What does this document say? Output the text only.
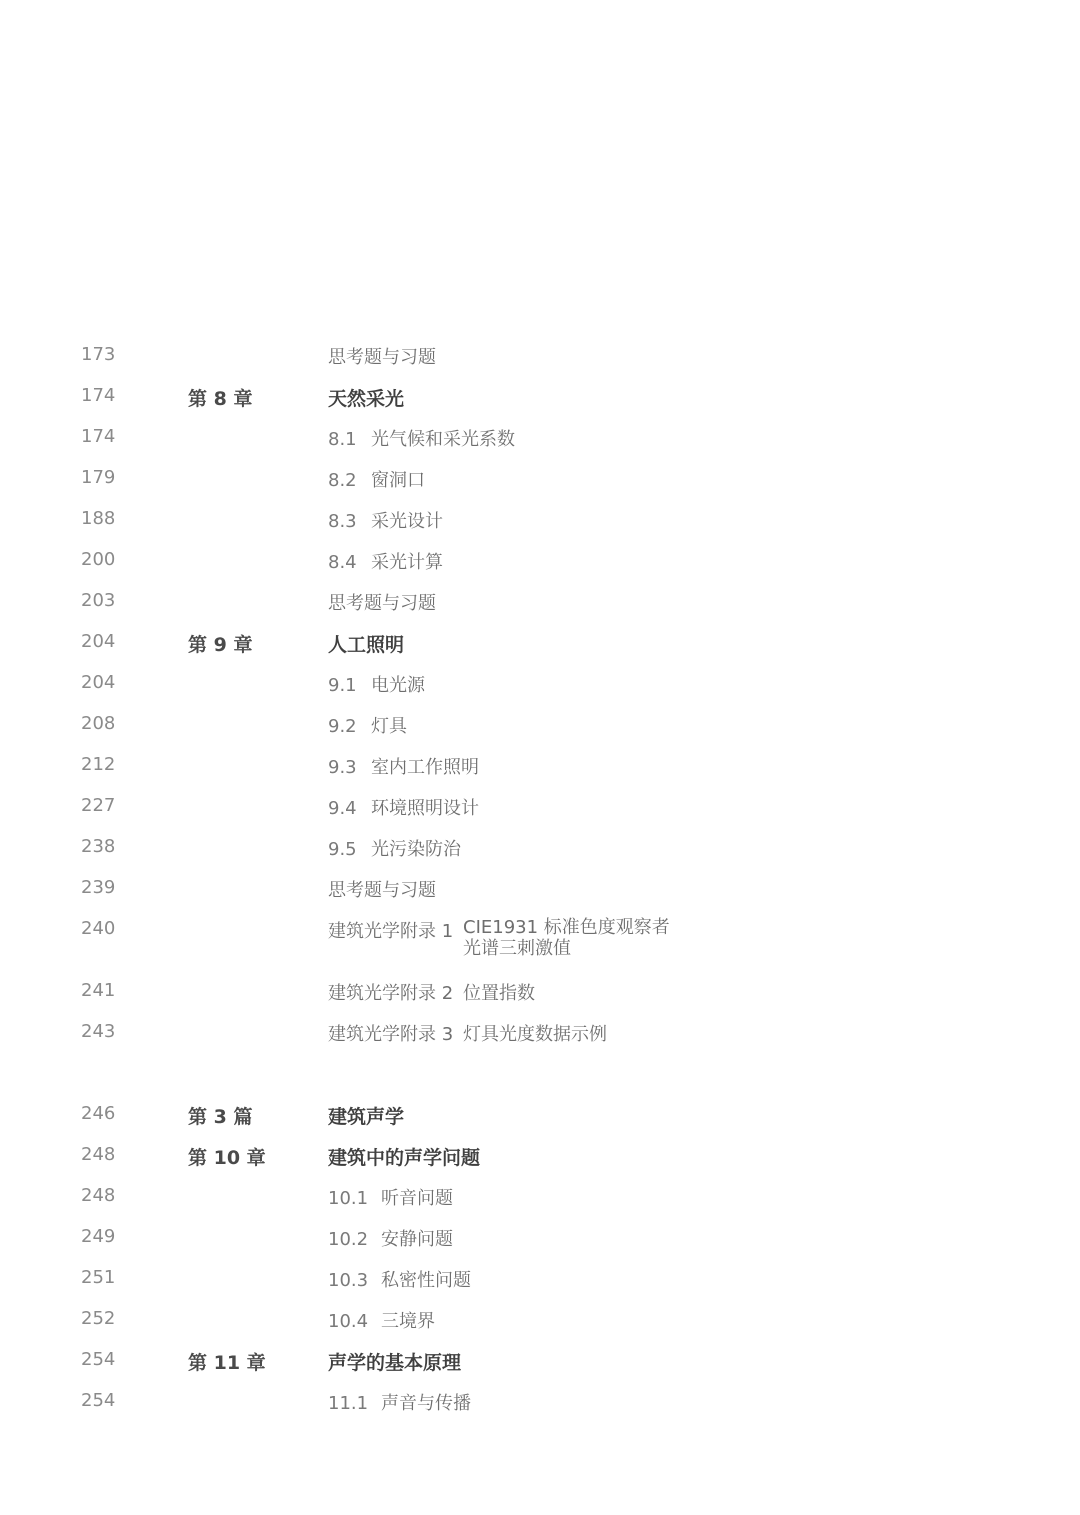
173	思考题与习题
174	第 8 章	天然采光
174	8.1 光气候和采光系数
179	8.2 窗洞口
188	8.3 采光设计
200	8.4 采光计算
203	思考题与习题
204	第 9 章	人工照明
204	9.1 电光源
208	9.2 灯具
212	9.3 室内工作照明
227	9.4 环境照明设计
238	9.5 光污染防治
239	思考题与习题
240	建筑光学附录 1 CIE1931 标准色度观察者
光谱三刺激值
241	建筑光学附录 2 位置指数
243	建筑光学附录 3 灯具光度数据示例
246	第 3 篇	建筑声学
248	第 10 章	建筑中的声学问题
248	10.1 听音问题
249	10.2 安静问题
251	10.3 私密性问题
252	10.4 三境界
254	第 11 章	声学的基本原理
254	11.1 声音与传播
